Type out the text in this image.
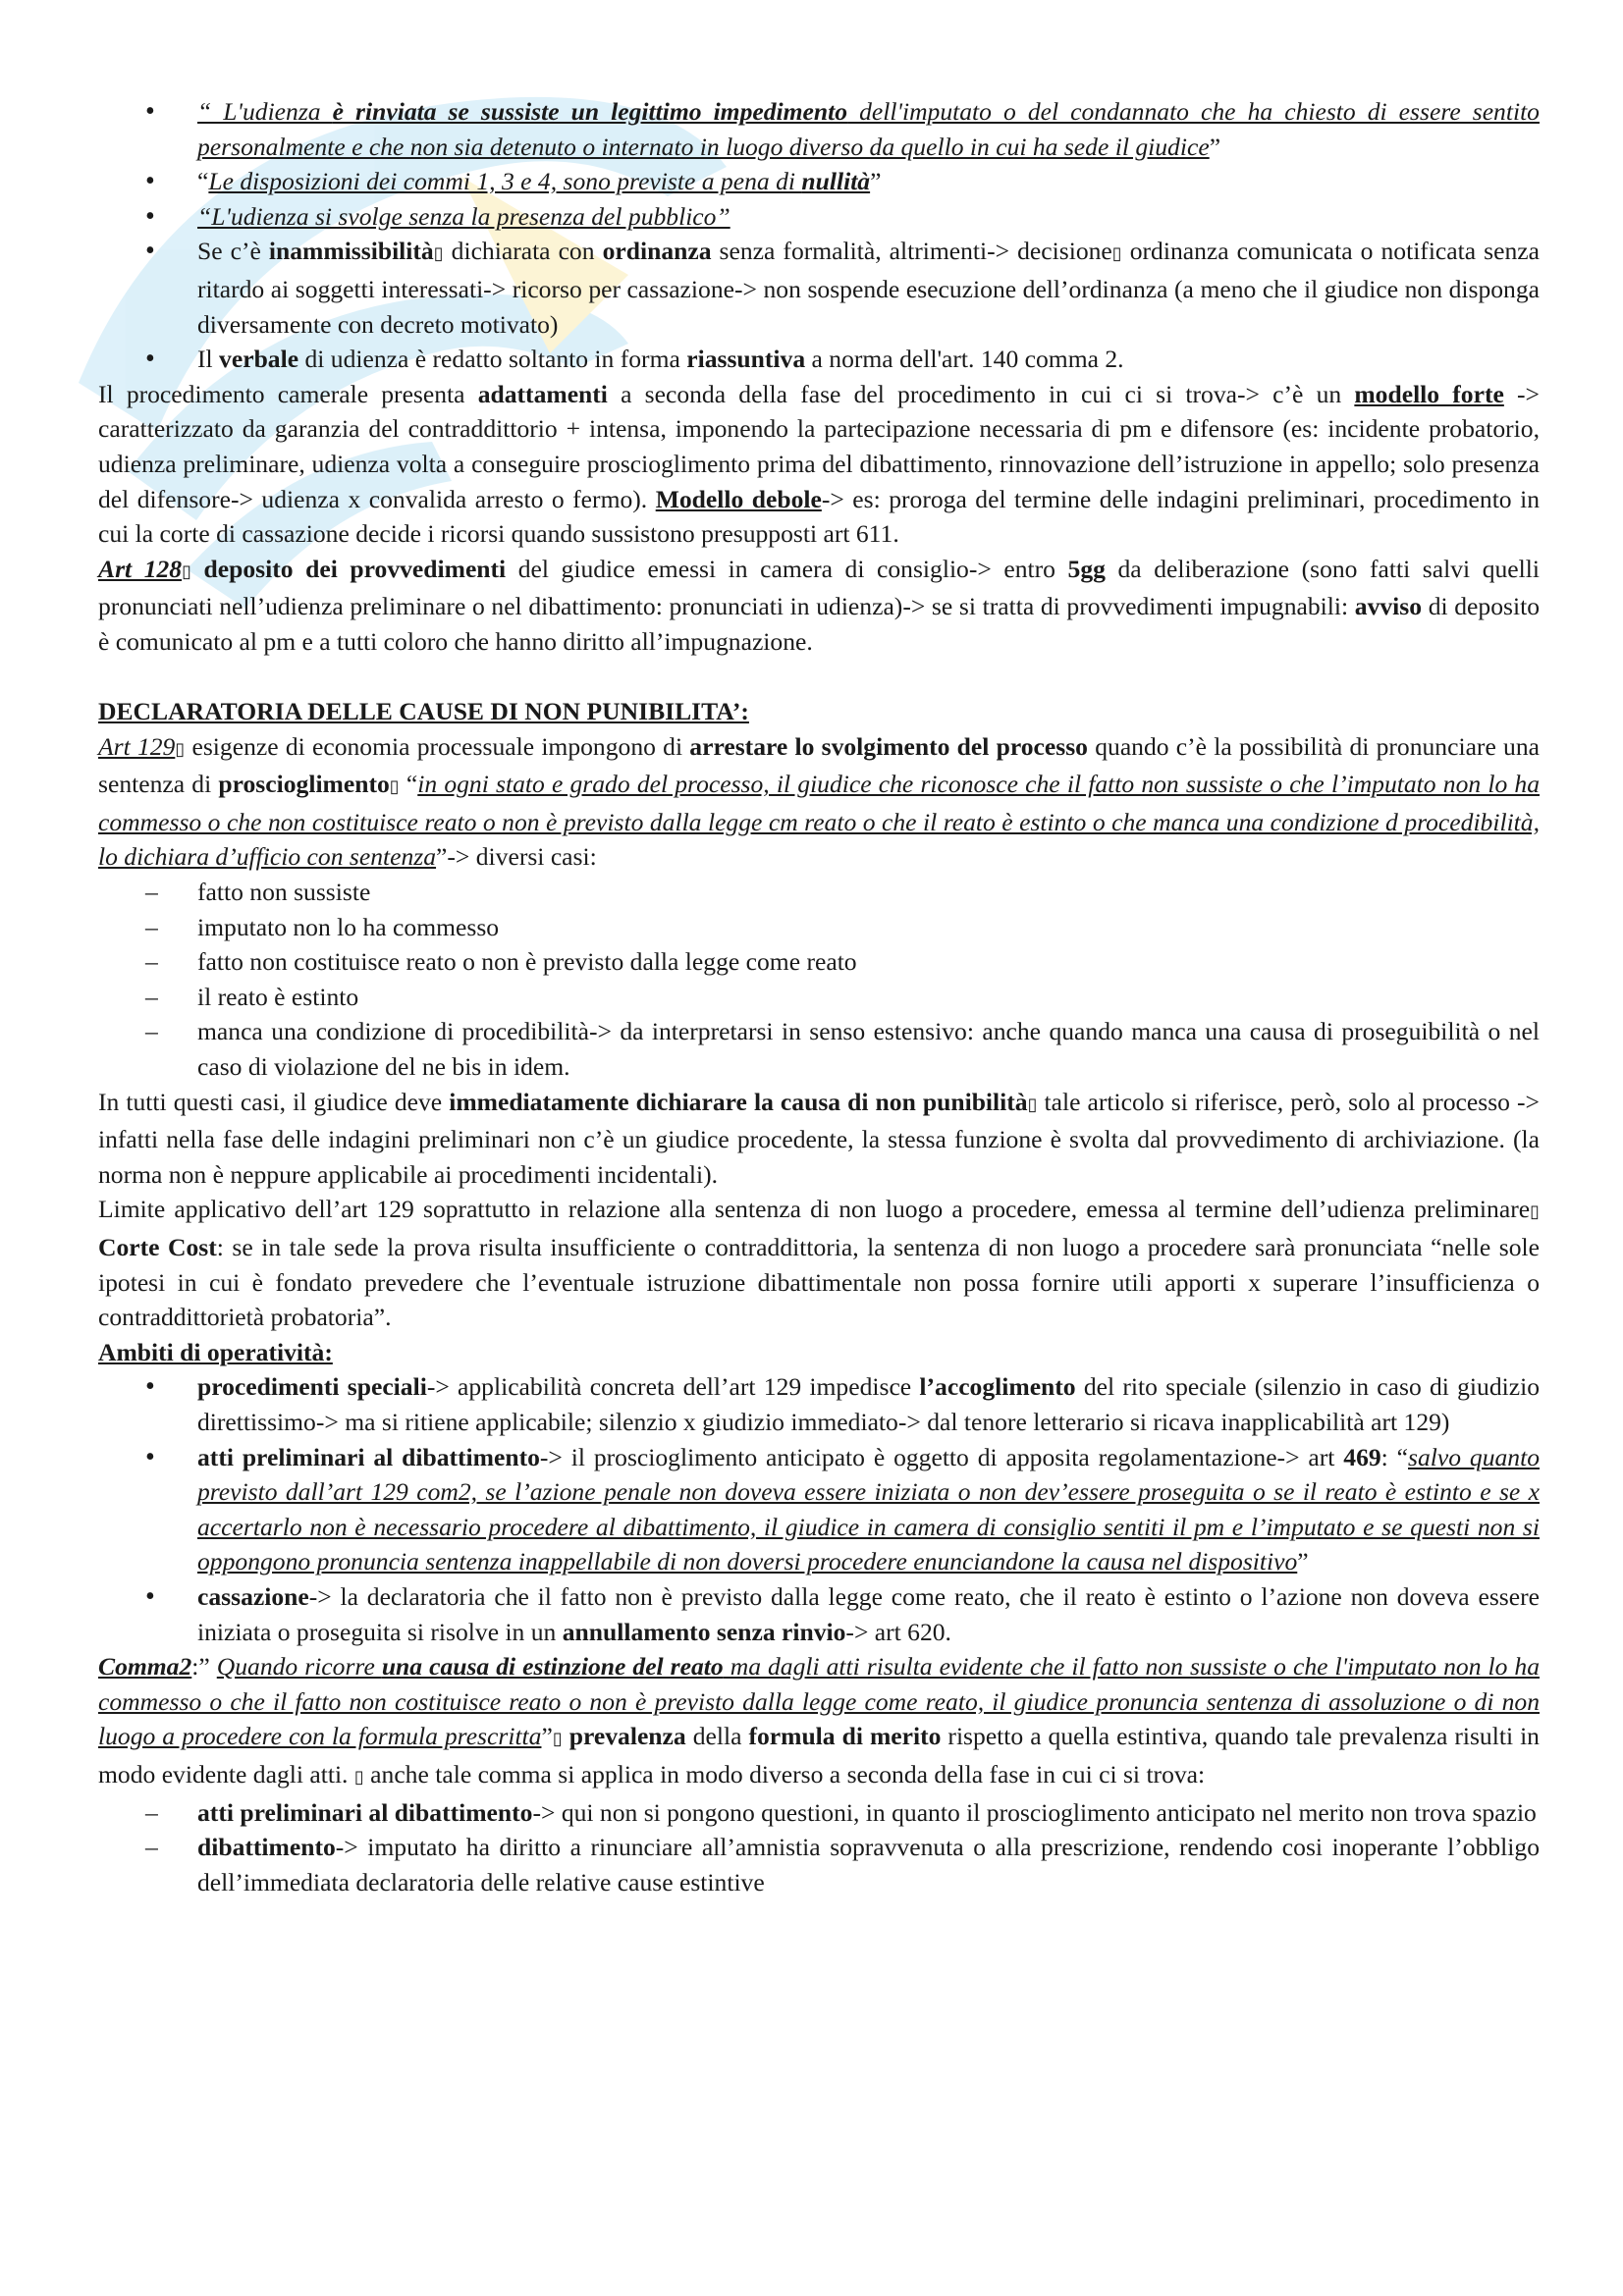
• “ L'udienza è rinviata se sussiste un legittimo impedimento dell'imputato o del condannato che ha chiesto di essere sentito personalmente e che non sia detenuto o internato in luogo diverso da quello in cui ha sede il giudice”
• “Le disposizioni dei commi 1, 3 e 4, sono previste a pena di nullità”
• “L'udienza si svolge senza la presenza del pubblico”
• Se c’è inammissibilità▯ dichiarata con ordinanza senza formalità, altrimenti-> decisione▯ ordinanza comunicata o notificata senza ritardo ai soggetti interessati-> ricorso per cassazione-> non sospende esecuzione dell’ordinanza (a meno che il giudice non disponga diversamente con decreto motivato)
• Il verbale di udienza è redatto soltanto in forma riassuntiva a norma dell'art. 140 comma 2.

Il procedimento camerale presenta adattamenti a seconda della fase del procedimento in cui ci si trova-> c’è un modello forte -> caratterizzato da garanzia del contraddittorio + intensa, imponendo la partecipazione necessaria di pm e difensore (es: incidente probatorio, udienza preliminare, udienza volta a conseguire proscioglimento prima del dibattimento, rinnovazione dell’istruzione in appello; solo presenza del difensore-> udienza x convalida arresto o fermo). Modello debole-> es: proroga del termine delle indagini preliminari, procedimento in cui la corte di cassazione decide i ricorsi quando sussistono presupposti art 611.

Art 128▯ deposito dei provvedimenti del giudice emessi in camera di consiglio-> entro 5gg da deliberazione (sono fatti salvi quelli pronunciati nell’udienza preliminare o nel dibattimento: pronunciati in udienza)-> se si tratta di provvedimenti impugnabili: avviso di deposito è comunicato al pm e a tutti coloro che hanno diritto all’impugnazione.

DECLARATORIA DELLE CAUSE DI NON PUNIBILITA’:

Art 129▯ esigenze di economia processuale impongono di arrestare lo svolgimento del processo quando c’è la possibilità di pronunciare una sentenza di proscioglimento▯ “in ogni stato e grado del processo, il giudice che riconosce che il fatto non sussiste o che l’imputato non lo ha commesso o che non costituisce reato o non è previsto dalla legge cm reato o che il reato è estinto o che manca una condizione d procedibilità, lo dichiara d’ufficio con sentenza”-> diversi casi:

– fatto non sussiste
– imputato non lo ha commesso
– fatto non costituisce reato o non è previsto dalla legge come reato
– il reato è estinto
– manca una condizione di procedibilità-> da interpretarsi in senso estensivo: anche quando manca una causa di proseguibilità o nel caso di violazione del ne bis in idem.

In tutti questi casi, il giudice deve immediatamente dichiarare la causa di non punibilità▯ tale articolo si riferisce, però, solo al processo -> infatti nella fase delle indagini preliminari non c’è un giudice procedente, la stessa funzione è svolta dal provvedimento di archiviazione. (la norma non è neppure applicabile ai procedimenti incidentali).

Limite applicativo dell’art 129 soprattutto in relazione alla sentenza di non luogo a procedere, emessa al termine dell’udienza preliminare▯ Corte Cost: se in tale sede la prova risulta insufficiente o contraddittoria, la sentenza di non luogo a procedere sarà pronunciata “nelle sole ipotesi in cui è fondato prevedere che l’eventuale istruzione dibattimentale non possa fornire utili apporti x superare l’insufficienza o contraddittorietà probatoria”.

Ambiti di operatività:

• procedimenti speciali-> applicabilità concreta dell’art 129 impedisce l’accoglimento del rito speciale (silenzio in caso di giudizio direttissimo-> ma si ritiene applicabile; silenzio x giudizio immediato-> dal tenore letterario si ricava inapplicabilità art 129)
• atti preliminari al dibattimento-> il proscioglimento anticipato è oggetto di apposita regolamentazione-> art 469: “salvo quanto previsto dall’art 129 com2, se l’azione penale non doveva essere iniziata o non dev’essere proseguita o se il reato è estinto e se x accertarlo non è necessario procedere al dibattimento, il giudice in camera di consiglio sentiti il pm e l’imputato e se questi non si oppongono pronuncia sentenza inappellabile di non doversi procedere enunciandone la causa nel dispositivo”
• cassazione-> la declaratoria che il fatto non è previsto dalla legge come reato, che il reato è estinto o l’azione non doveva essere iniziata o proseguita si risolve in un annullamento senza rinvio-> art 620.

Comma2:” Quando ricorre una causa di estinzione del reato ma dagli atti risulta evidente che il fatto non sussiste o che l'imputato non lo ha commesso o che il fatto non costituisce reato o non è previsto dalla legge come reato, il giudice pronuncia sentenza di assoluzione o di non luogo a procedere con la formula prescritta”▯ prevalenza della formula di merito rispetto a quella estintiva, quando tale prevalenza risulti in modo evidente dagli atti. ▯ anche tale comma si applica in modo diverso a seconda della fase in cui ci si trova:

– atti preliminari al dibattimento-> qui non si pongono questioni, in quanto il proscioglimento anticipato nel merito non trova spazio
– dibattimento-> imputato ha diritto a rinunciare all’amnistia sopravvenuta o alla prescrizione, rendendo cosi inoperante l’obbligo dell’immediata declaratoria delle relative cause estintive
